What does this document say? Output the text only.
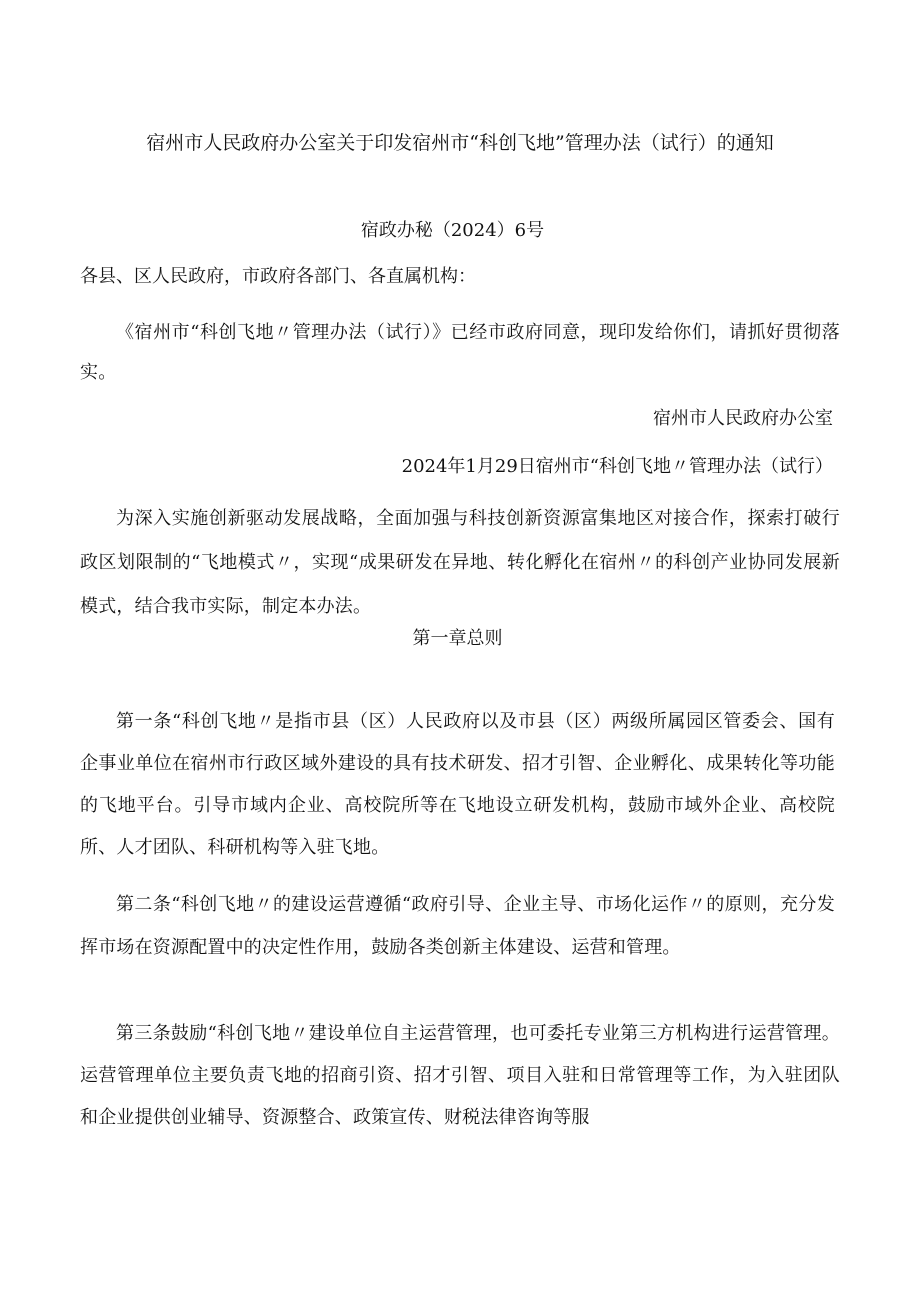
宿州市人民政府办公室关于印发宿州市“科创飞地”管理办法（试行）的通知
宿政办秘（2024）6号
各县、区人民政府，市政府各部门、各直属机构：

《宿州市“科创飞地〃管理办法（试行）》已经市政府同意，现印发给你们，请抓好贯彻落实。

宿州市人民政府办公室
2024年1月29日宿州市“科创飞地〃管理办法（试行）

为深入实施创新驱动发展战略，全面加强与科技创新资源富集地区对接合作，探索打破行政区划限制的“飞地模式〃，实现“成果研发在异地、转化孵化在宿州〃的科创产业协同发展新模式，结合我市实际，制定本办法。

第一章总则

第一条“科创飞地〃是指市县（区）人民政府以及市县（区）两级所属园区管委会、国有企事业单位在宿州市行政区域外建设的具有技术研发、招才引智、企业孵化、成果转化等功能的飞地平台。引导市域内企业、高校院所等在飞地设立研发机构，鼓励市域外企业、高校院所、人才团队、科研机构等入驻飞地。

第二条“科创飞地〃的建设运营遵循“政府引导、企业主导、市场化运作〃的原则，充分发挥市场在资源配置中的决定性作用，鼓励各类创新主体建设、运营和管理。

第三条鼓励“科创飞地〃建设单位自主运营管理，也可委托专业第三方机构进行运营管理。运营管理单位主要负责飞地的招商引资、招才引智、项目入驻和日常管理等工作，为入驻团队和企业提供创业辅导、资源整合、政策宣传、财税法律咨询等服
